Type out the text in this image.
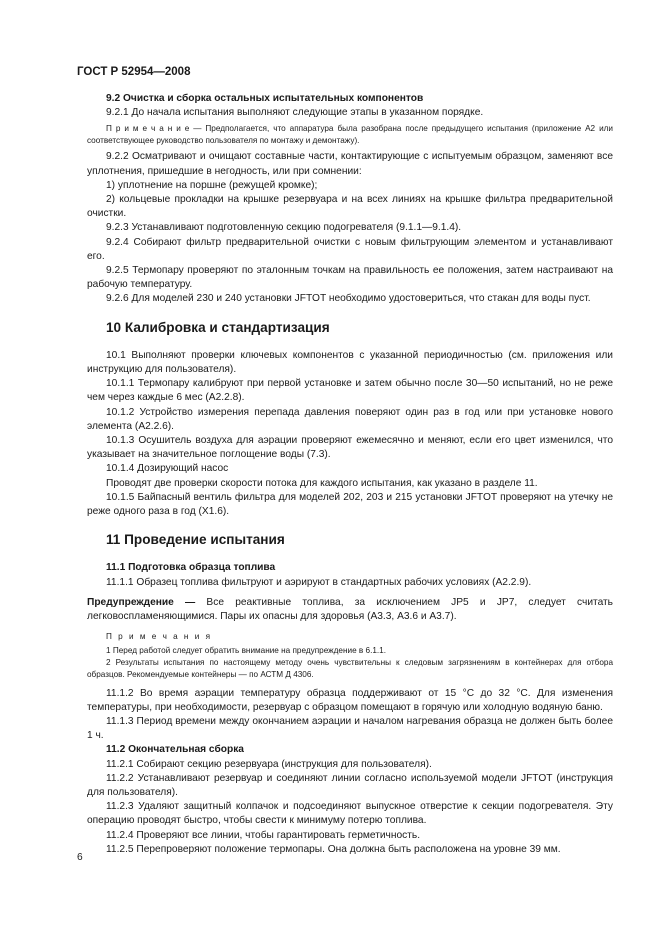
ГОСТ Р 52954—2008

9.2 Очистка и сборка остальных испытательных компонентов

9.2.1 До начала испытания выполняют следующие этапы в указанном порядке.

П р и м е ч а н и е — Предполагается, что аппаратура была разобрана после предыдущего испытания (приложение А2 или соответствующее руководство пользователя по монтажу и демонтажу).

9.2.2 Осматривают и очищают составные части, контактирующие с испытуемым образцом, заменяют все уплотнения, пришедшие в негодность, или при сомнении:

1) уплотнение на поршне (режущей кромке);

2) кольцевые прокладки на крышке резервуара и на всех линиях на крышке фильтра предварительной очистки.

9.2.3 Устанавливают подготовленную секцию подогревателя (9.1.1—9.1.4).

9.2.4 Собирают фильтр предварительной очистки с новым фильтрующим элементом и устанавливают его.

9.2.5 Термопару проверяют по эталонным точкам на правильность ее положения, затем настраивают на рабочую температуру.

9.2.6 Для моделей 230 и 240 установки JFTOT необходимо удостовериться, что стакан для воды пуст.

10 Калибровка и стандартизация

10.1 Выполняют проверки ключевых компонентов с указанной периодичностью (см. приложения или инструкцию для пользователя).

10.1.1 Термопару калибруют при первой установке и затем обычно после 30—50 испытаний, но не реже чем через каждые 6 мес (А2.2.8).

10.1.2 Устройство измерения перепада давления поверяют один раз в год или при установке нового элемента (А2.2.6).

10.1.3 Осушитель воздуха для аэрации проверяют ежемесячно и меняют, если его цвет изменился, что указывает на значительное поглощение воды (7.3).

10.1.4 Дозирующий насос

Проводят две проверки скорости потока для каждого испытания, как указано в разделе 11.

10.1.5 Байпасный вентиль фильтра для моделей 202, 203 и 215 установки JFTOT проверяют на утечку не реже одного раза в год (Х1.6).

11 Проведение испытания

11.1 Подготовка образца топлива

11.1.1 Образец топлива фильтруют и аэрируют в стандартных рабочих условиях (А2.2.9).

Предупреждение — Все реактивные топлива, за исключением JP5 и JP7, следует считать легковоспламеняющимися. Пары их опасны для здоровья (А3.3, А3.6 и А3.7).

П р и м е ч а н и я

1 Перед работой следует обратить внимание на предупреждение в 6.1.1.

2 Результаты испытания по настоящему методу очень чувствительны к следовым загрязнениям в контейнерах для отбора образцов. Рекомендуемые контейнеры — по АСТМ Д 4306.

11.1.2 Во время аэрации температуру образца поддерживают от 15 °С до 32 °С. Для изменения температуры, при необходимости, резервуар с образцом помещают в горячую или холодную водяную баню.

11.1.3 Период времени между окончанием аэрации и началом нагревания образца не должен быть более 1 ч.

11.2 Окончательная сборка

11.2.1 Собирают секцию резервуара (инструкция для пользователя).

11.2.2 Устанавливают резервуар и соединяют линии согласно используемой модели JFTOT (инструкция для пользователя).

11.2.3 Удаляют защитный колпачок и подсоединяют выпускное отверстие к секции подогревателя. Эту операцию проводят быстро, чтобы свести к минимуму потерю топлива.

11.2.4 Проверяют все линии, чтобы гарантировать герметичность.

11.2.5 Перепроверяют положение термопары. Она должна быть расположена на уровне 39 мм.

6
